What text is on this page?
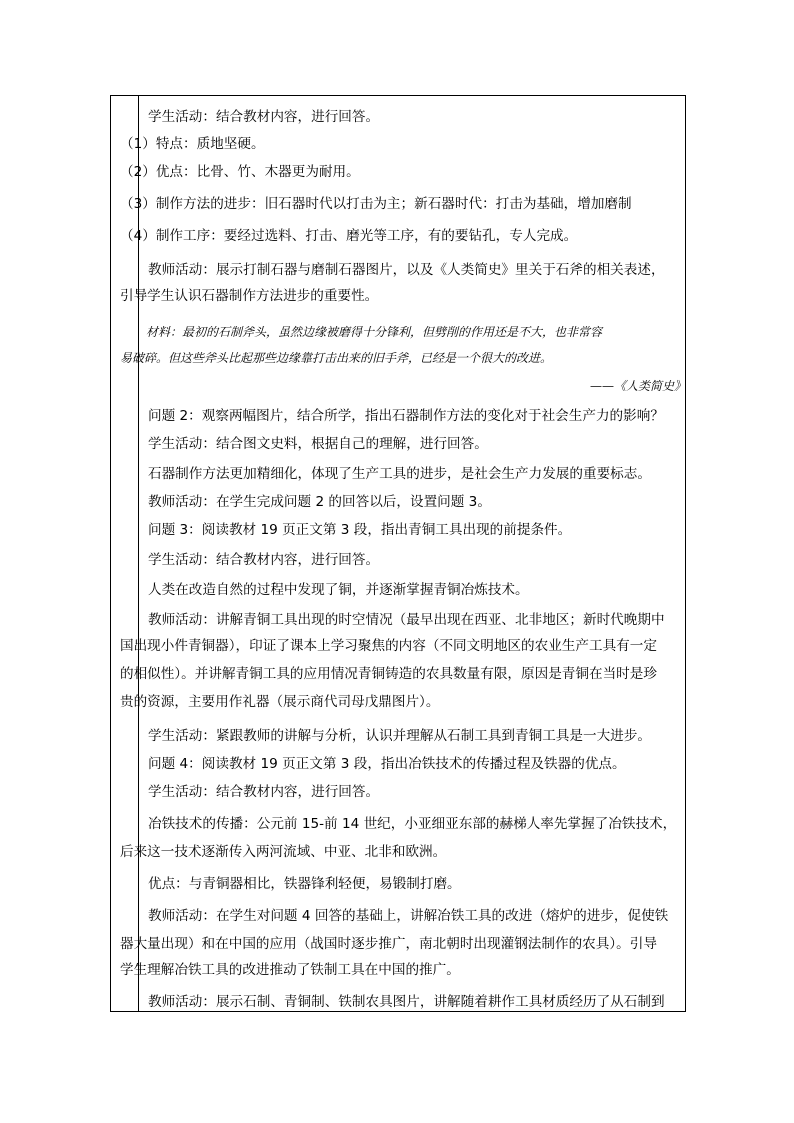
学生活动：结合教材内容，进行回答。

（1）特点：质地坚硬。

（2）优点：比骨、竹、木器更为耐用。

（3）制作方法的进步：旧石器时代以打击为主；新石器时代：打击为基础，增加磨制

（4）制作工序：要经过选料、打击、磨光等工序，有的要钻孔，专人完成。

教师活动：展示打制石器与磨制石器图片，以及《人类简史》里关于石斧的相关表述，

引导学生认识石器制作方法进步的重要性。

材料：最初的石制斧头，虽然边缘被磨得十分锋利，但劈削的作用还是不大，也非常容

易破碎。但这些斧头比起那些边缘靠打击出来的旧手斧，已经是一个很大的改进。

——《人类简史》

问题 2：观察两幅图片，结合所学，指出石器制作方法的变化对于社会生产力的影响？

学生活动：结合图文史料，根据自己的理解，进行回答。

石器制作方法更加精细化，体现了生产工具的进步，是社会生产力发展的重要标志。

教师活动：在学生完成问题 2 的回答以后，设置问题 3。

问题 3：阅读教材 19 页正文第 3 段，指出青铜工具出现的前提条件。

学生活动：结合教材内容，进行回答。

人类在改造自然的过程中发现了铜，并逐渐掌握青铜冶炼技术。

教师活动：讲解青铜工具出现的时空情况（最早出现在西亚、北非地区；新时代晚期中

国出现小件青铜器），印证了课本上学习聚焦的内容（不同文明地区的农业生产工具有一定

的相似性）。并讲解青铜工具的应用情况青铜铸造的农具数量有限，原因是青铜在当时是珍

贵的资源，主要用作礼器（展示商代司母戊鼎图片）。

学生活动：紧跟教师的讲解与分析，认识并理解从石制工具到青铜工具是一大进步。

问题 4：阅读教材 19 页正文第 3 段，指出冶铁技术的传播过程及铁器的优点。

学生活动：结合教材内容，进行回答。

冶铁技术的传播：公元前 15-前 14 世纪，小亚细亚东部的赫梯人率先掌握了冶铁技术，

后来这一技术逐渐传入两河流域、中亚、北非和欧洲。

优点：与青铜器相比，铁器锋利轻便，易锻制打磨。

教师活动：在学生对问题 4 回答的基础上，讲解冶铁工具的改进（熔炉的进步，促使铁

器大量出现）和在中国的应用（战国时逐步推广，南北朝时出现灌钢法制作的农具）。引导

学生理解冶铁工具的改进推动了铁制工具在中国的推广。

教师活动：展示石制、青铜制、铁制农具图片，讲解随着耕作工具材质经历了从石制到
